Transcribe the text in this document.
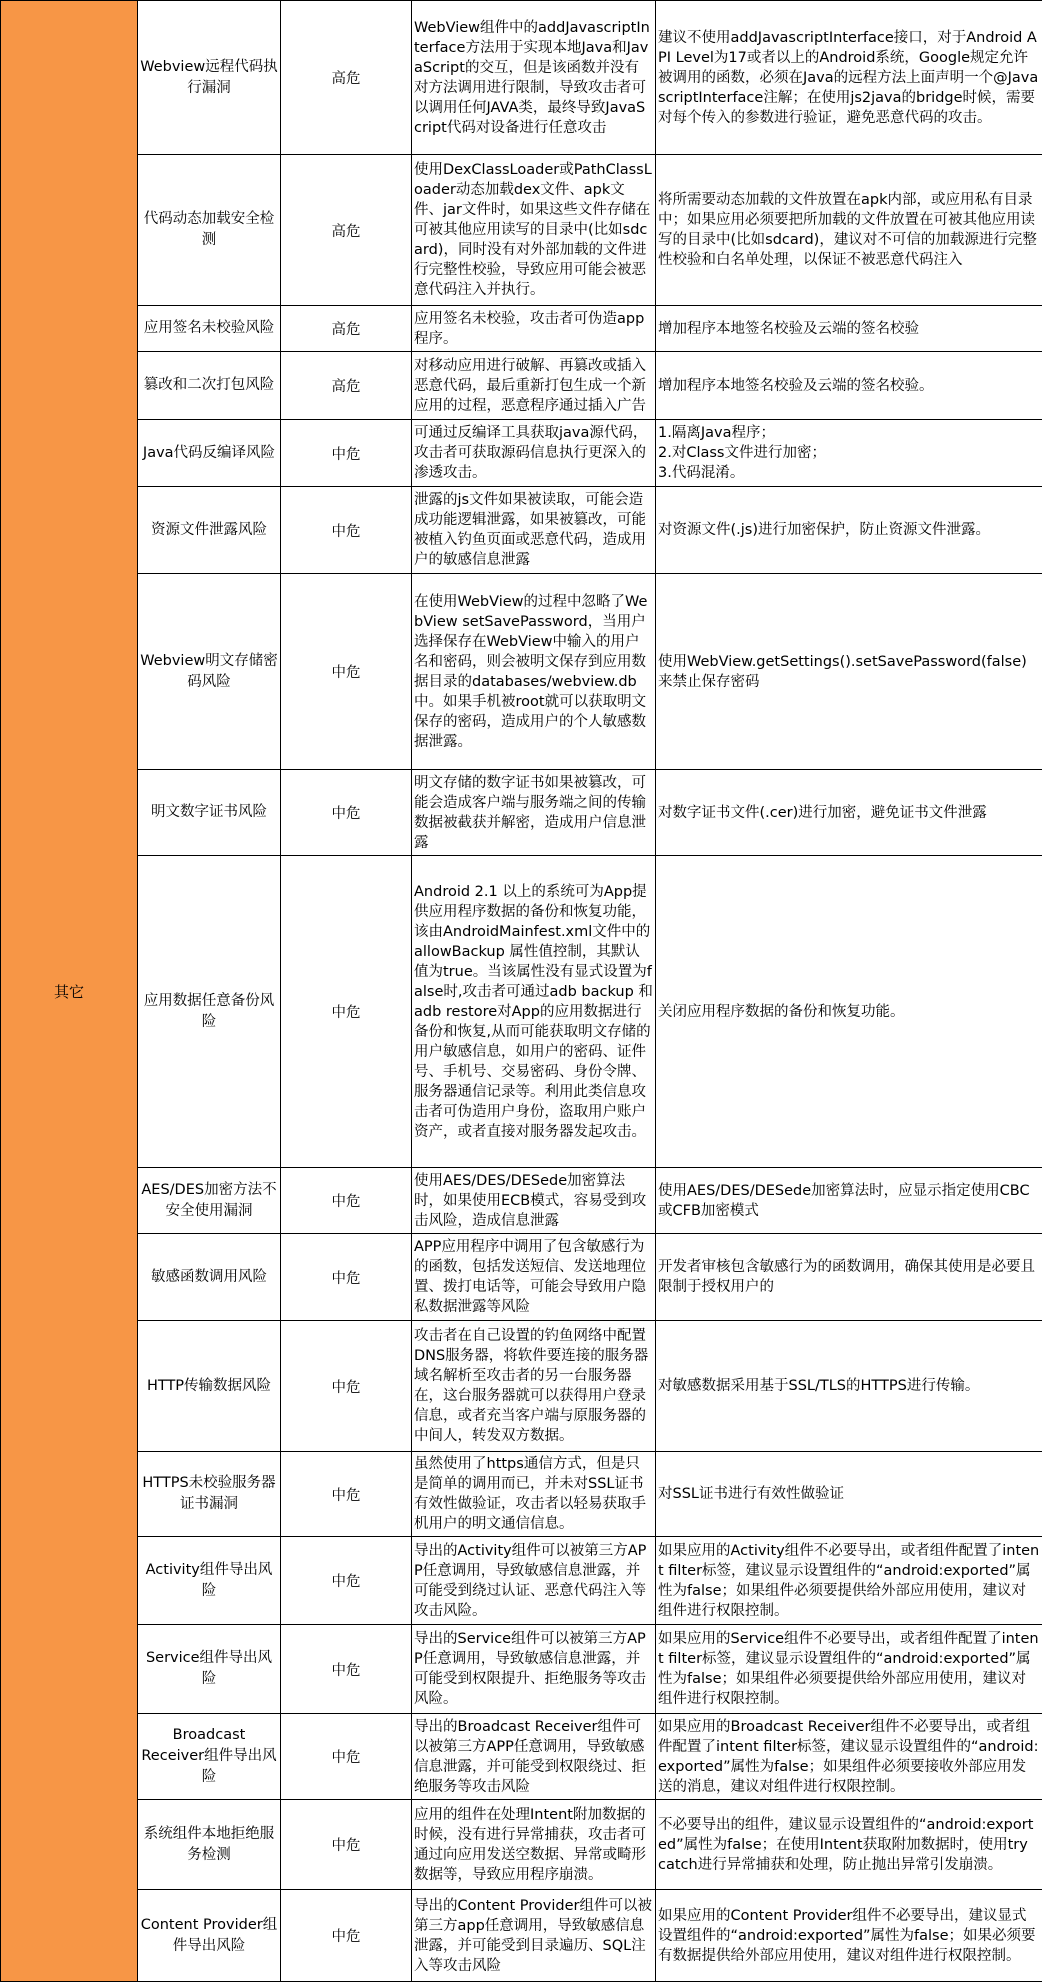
其它	Webview远程代码执行漏洞	高危	WebView组件中的addJavascriptInterface方法用于实现本地Java和JavaScript的交互，但是该函数并没有对方法调用进行限制，导致攻击者可以调用任何JAVA类，最终导致JavaScript代码对设备进行任意攻击	建议不使用addJavascriptInterface接口，对于Android API Level为17或者以上的Android系统，Google规定允许被调用的函数，必须在Java的远程方法上面声明一个@JavascriptInterface注解；在使用js2java的bridge时候，需要对每个传入的参数进行验证，避免恶意代码的攻击。
	代码动态加载安全检测	高危	使用DexClassLoader或PathClassLoader动态加载dex文件、apk文件、jar文件时，如果这些文件存储在可被其他应用读写的目录中(比如sdcard)，同时没有对外部加载的文件进行完整性校验，导致应用可能会被恶意代码注入并执行。	将所需要动态加载的文件放置在apk内部，或应用私有目录中；如果应用必须要把所加载的文件放置在可被其他应用读写的目录中(比如sdcard)，建议对不可信的加载源进行完整性校验和白名单处理，以保证不被恶意代码注入
	应用签名未校验风险	高危	应用签名未校验，攻击者可伪造app程序。	增加程序本地签名校验及云端的签名校验
	篡改和二次打包风险	高危	对移动应用进行破解、再篡改或插入恶意代码，最后重新打包生成一个新应用的过程，恶意程序通过插入广告	增加程序本地签名校验及云端的签名校验。
	Java代码反编译风险	中危	可通过反编译工具获取java源代码，攻击者可获取源码信息执行更深入的渗透攻击。	1.隔离Java程序；
2.对Class文件进行加密；
3.代码混淆。
	资源文件泄露风险	中危	泄露的js文件如果被读取，可能会造成功能逻辑泄露，如果被篡改，可能被植入钓鱼页面或恶意代码，造成用户的敏感信息泄露	对资源文件(.js)进行加密保护，防止资源文件泄露。
	Webview明文存储密码风险	中危	在使用WebView的过程中忽略了WebView setSavePassword，当用户选择保存在WebView中输入的用户名和密码，则会被明文保存到应用数据目录的databases/webview.db中。如果手机被root就可以获取明文保存的密码，造成用户的个人敏感数据泄露。	使用WebView.getSettings().setSavePassword(false)来禁止保存密码
	明文数字证书风险	中危	明文存储的数字证书如果被篡改，可能会造成客户端与服务端之间的传输数据被截获并解密，造成用户信息泄露	对数字证书文件(.cer)进行加密，避免证书文件泄露
	应用数据任意备份风险	中危	Android 2.1 以上的系统可为App提供应用程序数据的备份和恢复功能，该由AndroidMainfest.xml文件中的allowBackup 属性值控制，其默认值为true。当该属性没有显式设置为false时,攻击者可通过adb backup 和adb restore对App的应用数据进行备份和恢复,从而可能获取明文存储的用户敏感信息，如用户的密码、证件号、手机号、交易密码、身份令牌、服务器通信记录等。利用此类信息攻击者可伪造用户身份，盗取用户账户资产，或者直接对服务器发起攻击。	关闭应用程序数据的备份和恢复功能。
	AES/DES加密方法不安全使用漏洞	中危	使用AES/DES/DESede加密算法时，如果使用ECB模式，容易受到攻击风险，造成信息泄露	使用AES/DES/DESede加密算法时，应显示指定使用CBC或CFB加密模式
	敏感函数调用风险	中危	APP应用程序中调用了包含敏感行为的函数，包括发送短信、发送地理位置、拨打电话等，可能会导致用户隐私数据泄露等风险	开发者审核包含敏感行为的函数调用，确保其使用是必要且限制于授权用户的
	HTTP传输数据风险	中危	攻击者在自己设置的钓鱼网络中配置DNS服务器，将软件要连接的服务器域名解析至攻击者的另一台服务器在，这台服务器就可以获得用户登录信息，或者充当客户端与原服务器的中间人，转发双方数据。	对敏感数据采用基于SSL/TLS的HTTPS进行传输。
	HTTPS未校验服务器证书漏洞	中危	虽然使用了https通信方式，但是只是简单的调用而已，并未对SSL证书有效性做验证，攻击者以轻易获取手机用户的明文通信信息。	对SSL证书进行有效性做验证
	Activity组件导出风险	中危	导出的Activity组件可以被第三方APP任意调用，导致敏感信息泄露，并可能受到绕过认证、恶意代码注入等攻击风险。	如果应用的Activity组件不必要导出，或者组件配置了intent filter标签，建议显示设置组件的“android:exported”属性为false；如果组件必须要提供给外部应用使用，建议对组件进行权限控制。
	Service组件导出风险	中危	导出的Service组件可以被第三方APP任意调用，导致敏感信息泄露，并可能受到权限提升、拒绝服务等攻击风险。	如果应用的Service组件不必要导出，或者组件配置了intent filter标签，建议显示设置组件的“android:exported”属性为false；如果组件必须要提供给外部应用使用，建议对组件进行权限控制。
	Broadcast Receiver组件导出风险	中危	导出的Broadcast Receiver组件可以被第三方APP任意调用，导致敏感信息泄露，并可能受到权限绕过、拒绝服务等攻击风险	如果应用的Broadcast Receiver组件不必要导出，或者组件配置了intent filter标签，建议显示设置组件的“android:exported”属性为false；如果组件必须要接收外部应用发送的消息，建议对组件进行权限控制。
	系统组件本地拒绝服务检测	中危	应用的组件在处理Intent附加数据的时候，没有进行异常捕获，攻击者可通过向应用发送空数据、异常或畸形数据等，导致应用程序崩溃。	不必要导出的组件，建议显示设置组件的“android:exported”属性为false；在使用Intent获取附加数据时，使用try catch进行异常捕获和处理，防止抛出异常引发崩溃。
	Content Provider组件导出风险	中危	导出的Content Provider组件可以被第三方app任意调用，导致敏感信息泄露，并可能受到目录遍历、SQL注入等攻击风险	如果应用的Content Provider组件不必要导出，建议显式设置组件的“android:exported”属性为false；如果必须要有数据提供给外部应用使用，建议对组件进行权限控制。
